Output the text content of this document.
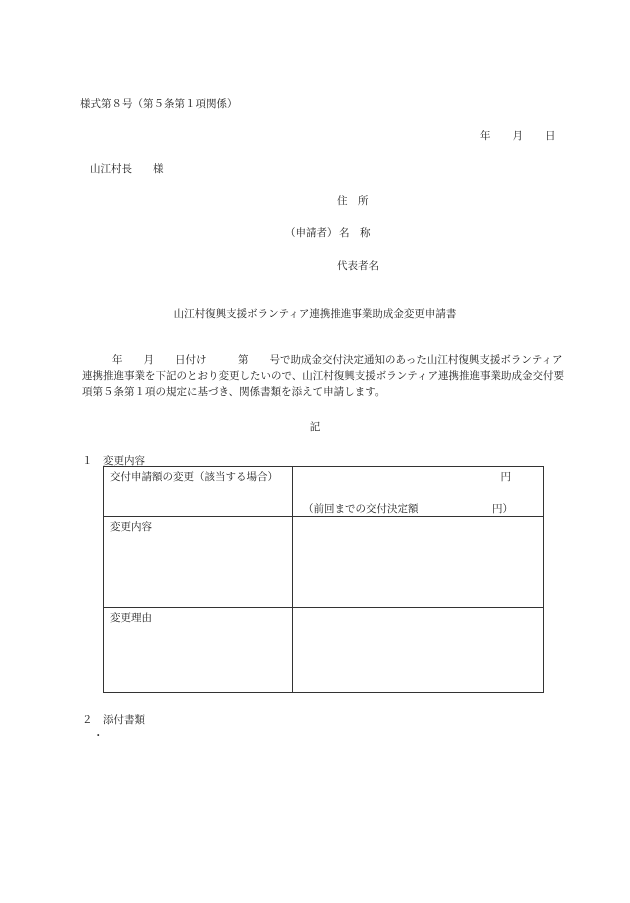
様式第８号（第５条第１項関係）
年 月 日
山江村長　　様
住　所
（申請者） 名　称
代表者名
山江村復興支援ボランティア連携推進事業助成金変更申請書
年　　月　　日付け　　　第　　号で助成金交付決定通知のあった山江村復興支援ボランティア連携推進事業を下記のとおり変更したいので、山江村復興支援ボランティア連携推進事業助成金交付要項第５条第１項の規定に基づき、関係書類を添えて申請します。
記
１　変更内容
交付申請額の変更（該当する場合）	円
（前回までの交付決定額	円）
変更内容
変更理由
２　添付書類
・
